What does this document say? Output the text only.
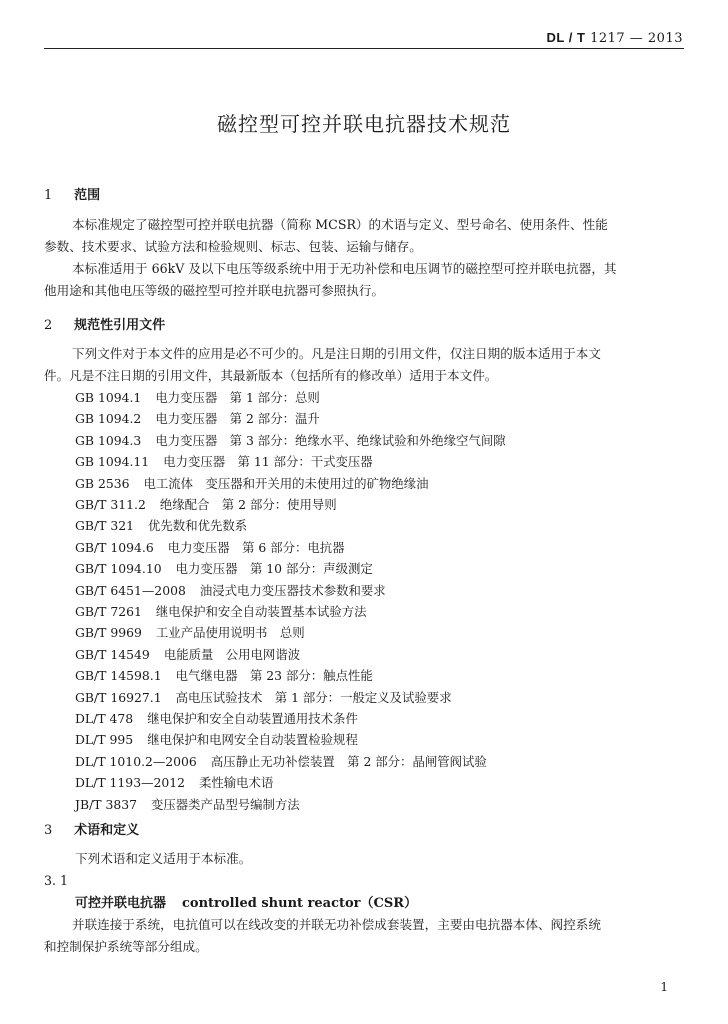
DL / T 1217 — 2013
磁控型可控并联电抗器技术规范
1 范围
本标准规定了磁控型可控并联电抗器（简称 MCSR）的术语与定义、型号命名、使用条件、性能
参数、技术要求、试验方法和检验规则、标志、包装、运输与储存。
本标准适用于 66kV 及以下电压等级系统中用于无功补偿和电压调节的磁控型可控并联电抗器，其
他用途和其他电压等级的磁控型可控并联电抗器可参照执行。
2 规范性引用文件
下列文件对于本文件的应用是必不可少的。凡是注日期的引用文件，仅注日期的版本适用于本文
件。凡是不注日期的引用文件，其最新版本（包括所有的修改单）适用于本文件。
GB 1094.1 电力变压器　第 1 部分：总则
GB 1094.2 电力变压器　第 2 部分：温升
GB 1094.3 电力变压器　第 3 部分：绝缘水平、绝缘试验和外绝缘空气间隙
GB 1094.11 电力变压器　第 11 部分：干式变压器
GB 2536 电工流体　变压器和开关用的未使用过的矿物绝缘油
GB/T 311.2 绝缘配合　第 2 部分：使用导则
GB/T 321 优先数和优先数系
GB/T 1094.6 电力变压器　第 6 部分：电抗器
GB/T 1094.10 电力变压器　第 10 部分：声级测定
GB/T 6451—2008 油浸式电力变压器技术参数和要求
GB/T 7261 继电保护和安全自动装置基本试验方法
GB/T 9969 工业产品使用说明书　总则
GB/T 14549 电能质量　公用电网谐波
GB/T 14598.1 电气继电器　第 23 部分：触点性能
GB/T 16927.1 高电压试验技术　第 1 部分：一般定义及试验要求
DL/T 478 继电保护和安全自动装置通用技术条件
DL/T 995 继电保护和电网安全自动装置检验规程
DL/T 1010.2—2006 高压静止无功补偿装置　第 2 部分：晶闸管阀试验
DL/T 1193—2012 柔性输电术语
JB/T 3837 变压器类产品型号编制方法
3 术语和定义
下列术语和定义适用于本标准。
3. 1
可控并联电抗器 controlled shunt reactor（CSR）
并联连接于系统，电抗值可以在线改变的并联无功补偿成套装置，主要由电抗器本体、阀控系统
和控制保护系统等部分组成。
1
